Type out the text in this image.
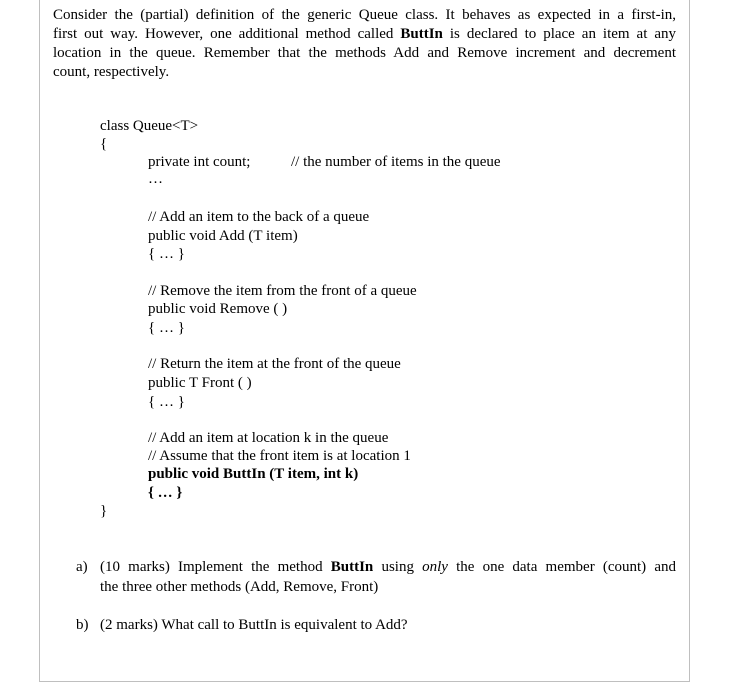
Consider the (partial) definition of the generic Queue class. It behaves as expected in a first-in,
first out way. However, one additional method called ButtIn is declared to place an item at any
location in the queue. Remember that the methods Add and Remove increment and decrement
count, respectively.

class Queue<T>
{
private int count;	// the number of items in the queue
…
// Add an item to the back of a queue
public void Add (T item)
{ … }
// Remove the item from the front of a queue
public void Remove ( )
{ … }
// Return the item at the front of the queue
public T Front ( )
{ … }
// Add an item at location k in the queue
// Assume that the front item is at location 1
public void ButtIn (T item, int k)
{ … }
}
a) (10 marks) Implement the method ButtIn using only the one data member (count) and
the three other methods (Add, Remove, Front)
b) (2 marks) What call to ButtIn is equivalent to Add?
